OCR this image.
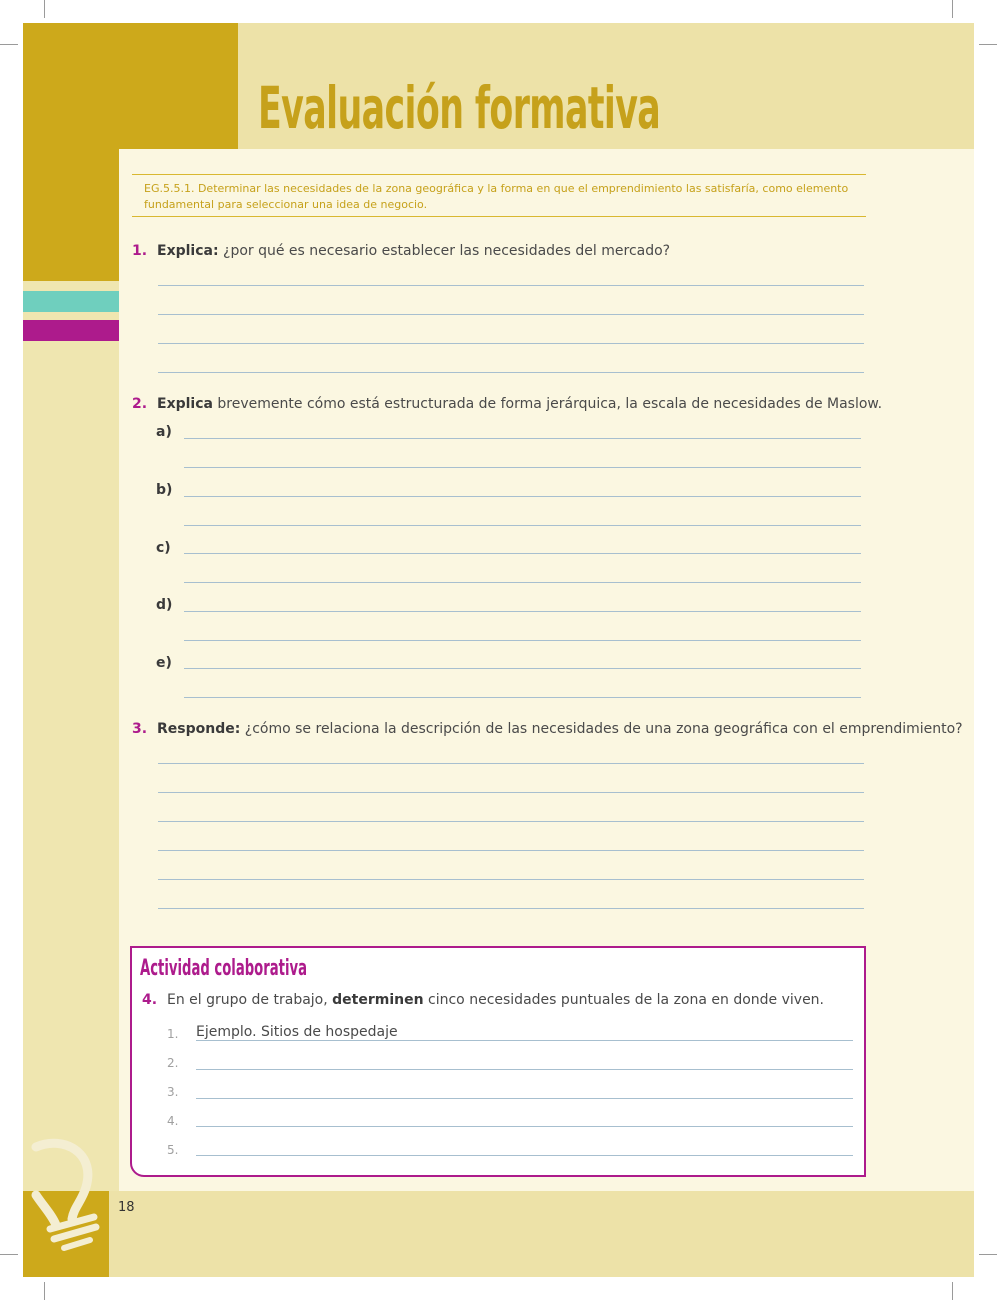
Evaluación formativa
EG.5.5.1. Determinar las necesidades de la zona geográfica y la forma en que el emprendimiento las satisfaría, como elemento fundamental para seleccionar una idea de negocio.
1. Explica: ¿por qué es necesario establecer las necesidades del mercado?
2. Explica brevemente cómo está estructurada de forma jerárquica, la escala de necesidades de Maslow.
a)
b)
c)
d)
e)
3. Responde: ¿cómo se relaciona la descripción de las necesidades de una zona geográfica con el emprendimiento?
Actividad colaborativa
4. En el grupo de trabajo, determinen cinco necesidades puntuales de la zona en donde viven.
1. Ejemplo. Sitios de hospedaje
2.
3.
4.
5.
18
